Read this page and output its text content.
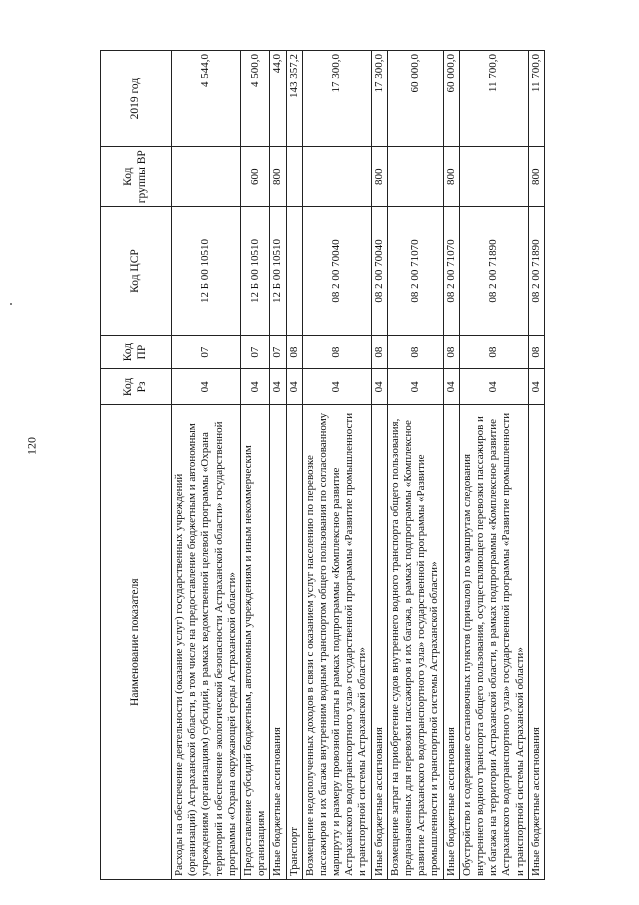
120
Наименование показателя	Код Рз	Код ПР	Код ЦСР	Код группы ВР	2019 год
Расходы на обеспечение деятельности (оказание услуг) государственных учреждений (организаций) Астраханской области, в том числе на предоставление бюджетным и автономным учреждениям (организациям) субсидий, в рамках ведомственной целевой программы «Охрана территорий и обеспечение экологической безопасности Астраханской области» государственной программы «Охрана окружающей среды Астраханской области»	04	07	12 Б 00 10510		4 544,0
Предоставление субсидий бюджетным, автономным учреждениям и иным некоммерческим организациям	04	07	12 Б 00 10510	600	4 500,0
Иные бюджетные ассигнования	04	07	12 Б 00 10510	800	44,0
Транспорт	04	08			143 357,2
Возмещение недополученных доходов в связи с оказанием услуг населению по перевозке пассажиров и их багажа внутренним водным транспортом общего пользования по согласованному маршруту и размеру провозной платы в рамках подпрограммы «Комплексное развитие Астраханского водотранспортного узла» государственной программы «Развитие промышленности и транспортной системы Астраханской области»	04	08	08 2 00 70040		17 300,0
Иные бюджетные ассигнования	04	08	08 2 00 70040	800	17 300,0
Возмещение затрат на приобретение судов внутреннего водного транспорта общего пользования, предназначенных для перевозки пассажиров и их багажа, в рамках подпрограммы «Комплексное развитие Астраханского водотранспортного узла» государственной программы «Развитие промышленности и транспортной системы Астраханской области»	04	08	08 2 00 71070		60 000,0
Иные бюджетные ассигнования	04	08	08 2 00 71070	800	60 000,0
Обустройство и содержание остановочных пунктов (причалов) по маршрутам следования внутреннего водного транспорта общего пользования, осуществляющего перевозки пассажиров и их багажа на территории Астраханской области, в рамках подпрограммы «Комплексное развитие Астраханского водотранспортного узла» государственной программы «Развитие промышленности и транспортной системы Астраханской области»	04	08	08 2 00 71890		11 700,0
Иные бюджетные ассигнования	04	08	08 2 00 71890	800	11 700,0
